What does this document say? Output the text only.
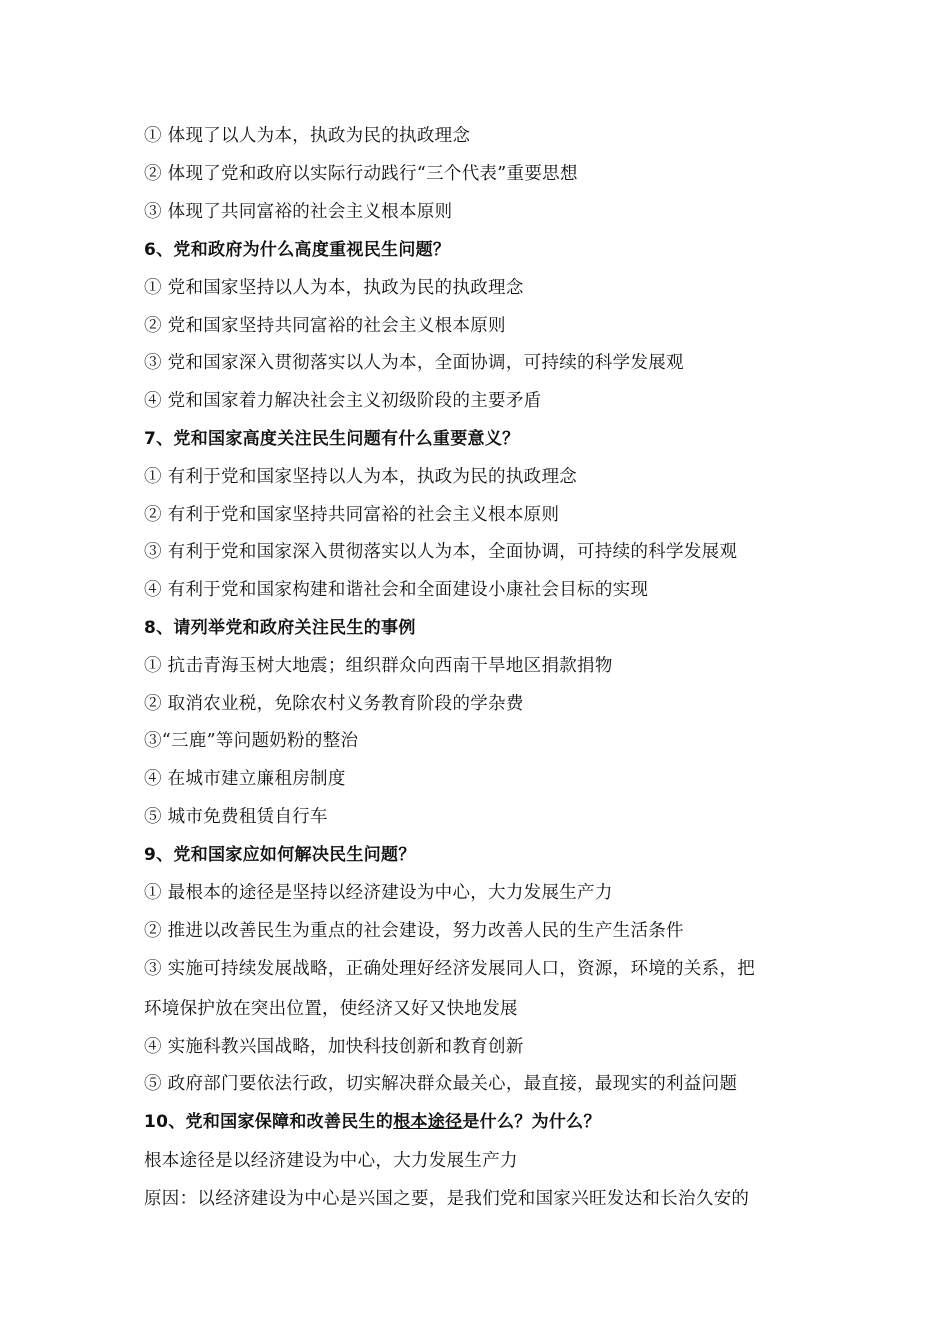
① 体现了以人为本，执政为民的执政理念
② 体现了党和政府以实际行动践行“三个代表”重要思想
③ 体现了共同富裕的社会主义根本原则
6、党和政府为什么高度重视民生问题？
① 党和国家坚持以人为本，执政为民的执政理念
② 党和国家坚持共同富裕的社会主义根本原则
③ 党和国家深入贯彻落实以人为本，全面协调，可持续的科学发展观
④ 党和国家着力解决社会主义初级阶段的主要矛盾
7、党和国家高度关注民生问题有什么重要意义？
① 有利于党和国家坚持以人为本，执政为民的执政理念
② 有利于党和国家坚持共同富裕的社会主义根本原则
③ 有利于党和国家深入贯彻落实以人为本，全面协调，可持续的科学发展观
④ 有利于党和国家构建和谐社会和全面建设小康社会目标的实现
8、请列举党和政府关注民生的事例
① 抗击青海玉树大地震；组织群众向西南干旱地区捐款捐物
② 取消农业税，免除农村义务教育阶段的学杂费
③“三鹿”等问题奶粉的整治
④ 在城市建立廉租房制度
⑤ 城市免费租赁自行车
9、党和国家应如何解决民生问题？
① 最根本的途径是坚持以经济建设为中心，大力发展生产力
② 推进以改善民生为重点的社会建设，努力改善人民的生产生活条件
③ 实施可持续发展战略，正确处理好经济发展同人口，资源，环境的关系，把
环境保护放在突出位置，使经济又好又快地发展
④ 实施科教兴国战略，加快科技创新和教育创新
⑤ 政府部门要依法行政，切实解决群众最关心，最直接，最现实的利益问题
10、党和国家保障和改善民生的根本途径是什么？为什么？
根本途径是以经济建设为中心，大力发展生产力
原因：以经济建设为中心是兴国之要，是我们党和国家兴旺发达和长治久安的
